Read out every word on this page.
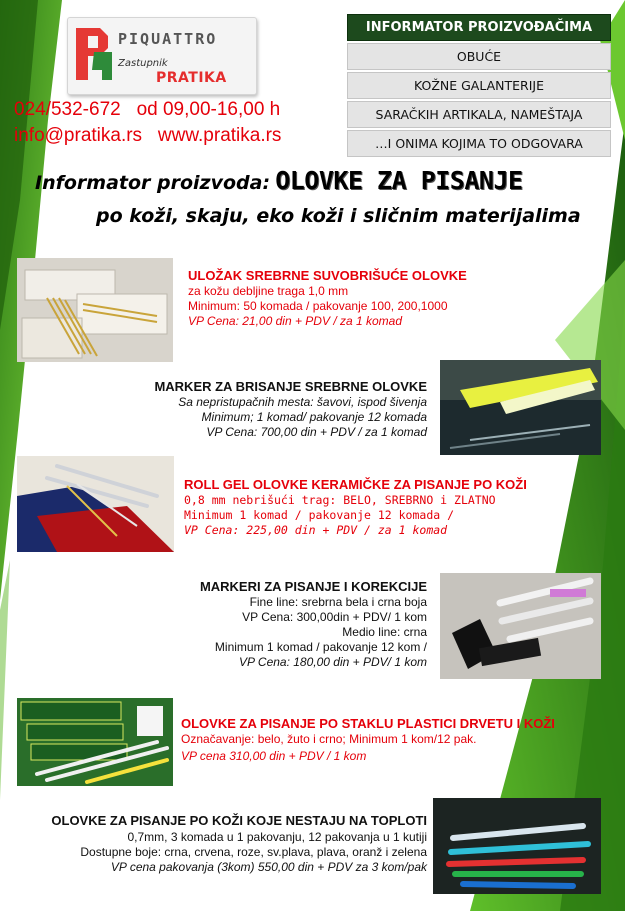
PIQUATTRO
Zastupnik
PRATIKA
024/532-672 od 09,00-16,00 h
info@pratika.rs www.pratika.rs
INFORMATOR PROIZVOĐAČIMA
OBUĆE
KOŽNE GALANTERIJE
SARAČKIH ARTIKALA, NAMEŠTAJA
…I ONIMA KOJIMA TO ODGOVARA
Informator proizvoda: OLOVKE ZA PISANJE
po koži, skaju, eko koži i sličnim materijalima
ULOŽAK SREBRNE SUVOBRIŠUĆE OLOVKE
za kožu debljine traga 1,0 mm
Minimum: 50 komada / pakovanje 100, 200,1000
VP Cena: 21,00 din + PDV / za 1 komad
MARKER ZA BRISANJE SREBRNE OLOVKE
Sa nepristupačnih mesta: šavovi, ispod šivenja
Minimum; 1 komad/ pakovanje 12 komada
VP Cena: 700,00 din + PDV / za 1 komad
ROLL GEL OLOVKE KERAMIČKE ZA PISANJE PO KOŽI
0,8 mm nebrišući trag: BELO, SREBRNO i ZLATNO
Minimum 1 komad / pakovanje 12 komada /
VP Cena: 225,00 din + PDV / za 1 komad
MARKERI ZA PISANJE I KOREKCIJE
Fine line: srebrna bela i crna boja
VP Cena: 300,00din + PDV/ 1 kom
Medio line: crna
Minimum 1 komad / pakovanje 12 kom /
VP Cena: 180,00 din + PDV/ 1 kom
OLOVKE ZA PISANJE PO STAKLU PLASTICI DRVETU I KOŽI
Označavanje: belo, žuto i crno; Minimum 1 kom/12 pak.
VP cena 310,00 din + PDV / 1 kom
OLOVKE ZA PISANJE PO KOŽI KOJE NESTAJU NA TOPLOTI
0,7mm, 3 komada u 1 pakovanju, 12 pakovanja u 1 kutiji
Dostupne boje: crna, crvena, roze, sv.plava, plava, oranž i zelena
VP cena pakovanja (3kom) 550,00 din + PDV za 3 kom/pak
